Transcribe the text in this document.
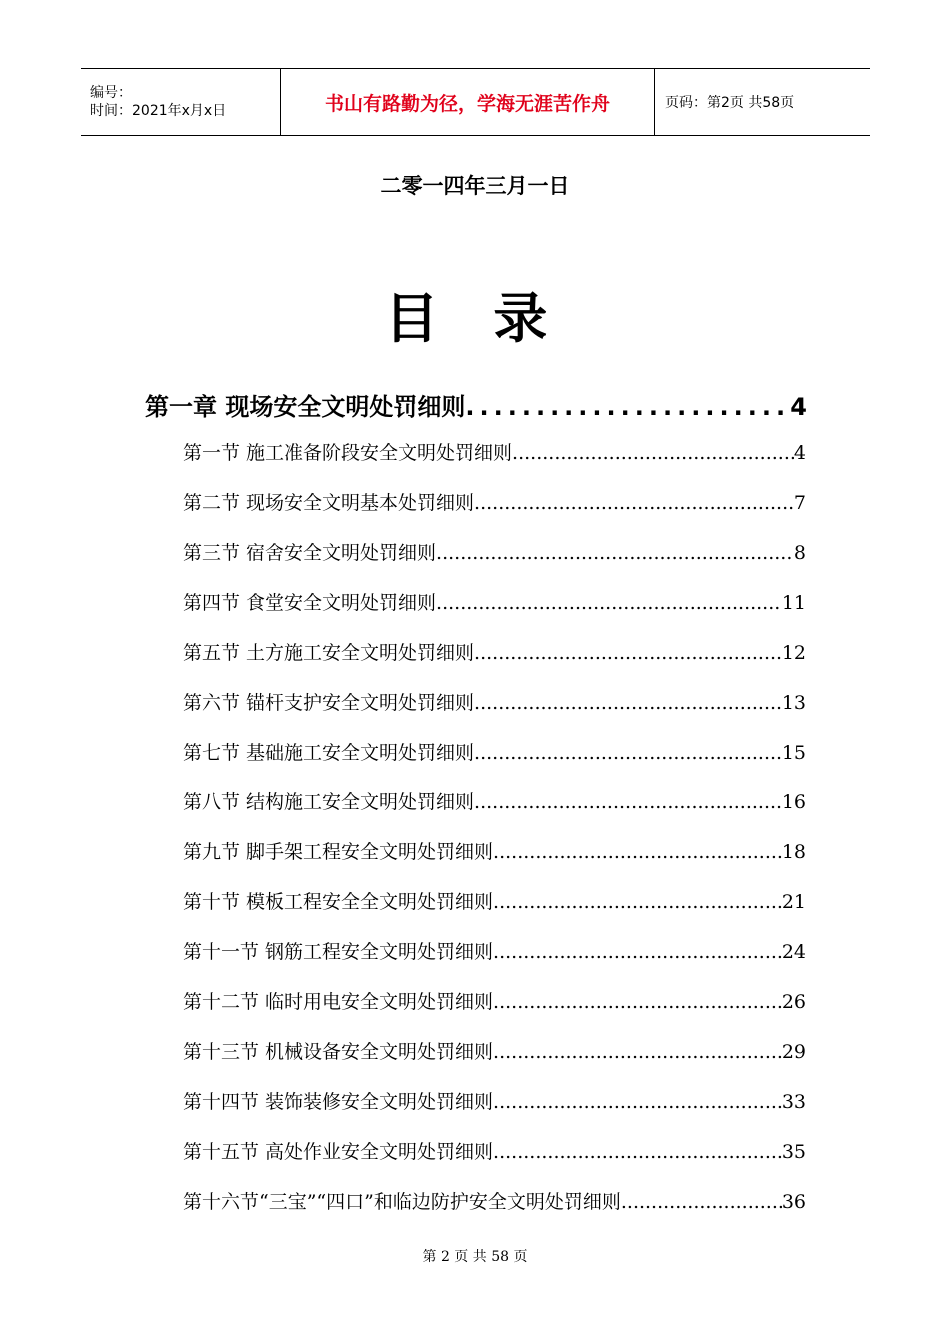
编号：
时间：2021年x月x日	书山有路勤为径，学海无涯苦作舟	页码：第2页 共58页
二零一四年三月一日
目 录
第一章 现场安全文明处罚细则 .....	4
第一节 施工准备阶段安全文明处罚细则 .....	4
第二节 现场安全文明基本处罚细则 .....	7
第三节 宿舍安全文明处罚细则 .....	8
第四节 食堂安全文明处罚细则 .....	11
第五节 土方施工安全文明处罚细则 .....	12
第六节 锚杆支护安全文明处罚细则 .....	13
第七节 基础施工安全文明处罚细则 .....	15
第八节 结构施工安全文明处罚细则 .....	16
第九节 脚手架工程安全文明处罚细则 .....	18
第十节 模板工程安全全文明处罚细则 .....	21
第十一节 钢筋工程安全文明处罚细则 .....	24
第十二节 临时用电安全文明处罚细则 .....	26
第十三节 机械设备安全文明处罚细则 .....	29
第十四节 装饰装修安全文明处罚细则 .....	33
第十五节 高处作业安全文明处罚细则 .....	35
第十六节“三宝”“四口”和临边防护安全文明处罚细则 .....	36
第 2 页 共 58 页
